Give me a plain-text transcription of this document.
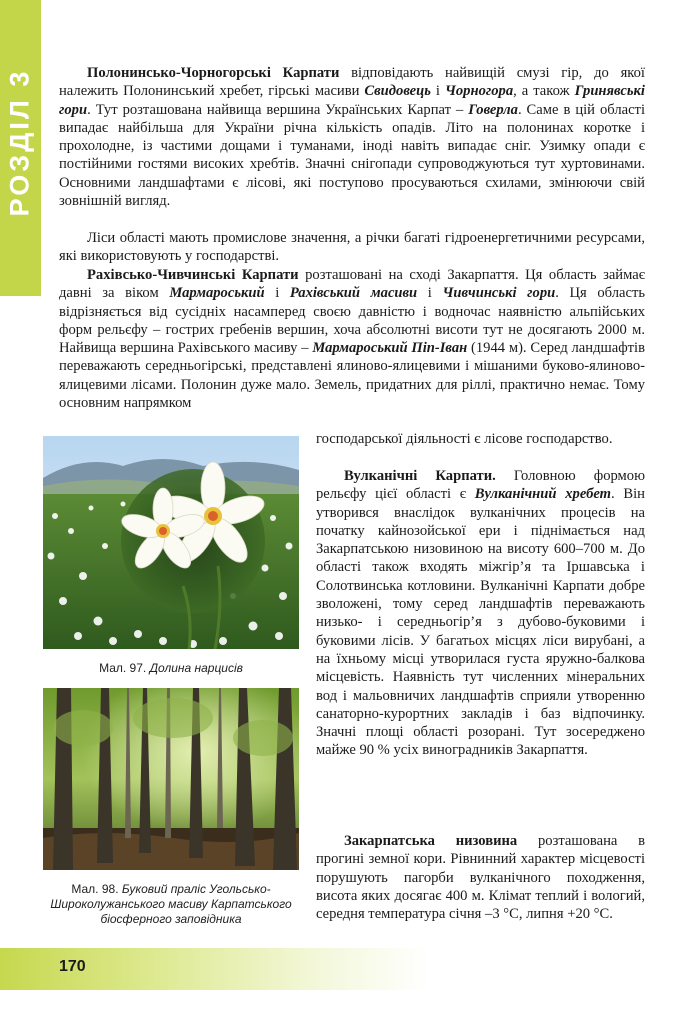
РОЗДІЛ 3	Полонинсько-Чорногорські Карпати відповідають найвищій смузі гір, до якої належить Полонинський хребет, гірські масиви Свидовець і Чорногора, а також Гринявські гори. Тут розташована найвища вершина Українських Карпат – Говерла. Саме в цій області випадає найбільша для України річна кількість опадів. Літо на полонинах коротке і прохолодне, із частими дощами і туманами, іноді навіть випадає сніг. Узимку опади є постійними гостями високих хребтів. Значні снігопади супроводжуються тут хуртовинами. Основними ландшафтами є лісові, які поступово просуваються схилами, змінюючи свій зовнішній вигляд.

Ліси області мають промислове значення, а річки багаті гідроенергетичними ресурсами, які використовують у господарстві.

Рахівсько-Чивчинські Карпати розташовані на сході Закарпаття. Ця область займає давні за віком Мармароський і Рахівський масиви і Чивчинські гори. Ця область відрізняється від сусідніх насамперед своєю давністю і водночас наявністю альпійських форм рельєфу – гострих гребенів вершин, хоча абсолютні висоти тут не досягають 2000 м. Найвища вершина Рахівського масиву – Мармароський Піп-Іван (1944 м). Серед ландшафтів переважають середньогірські, представлені ялиново-ялицевими і мішаними буково-ялиново-ялицевими лісами. Полонин дуже мало. Земель, придатних для ріллі, практично немає. Тому основним напрямком

господарської діяльності є лісове господарство.

Вулканічні Карпати. Головною формою рельєфу цієї області є Вулканічний хребет. Він утворився внаслідок вулканічних процесів на початку кайнозойської ери і піднімається над Закарпатською низовиною на висоту 600–700 м. До області також входять міжгір’я та Іршавська і Солотвинська котловини. Вулканічні Карпати добре зволожені, тому серед ландшафтів переважають низько- і середньогір’я з дубово-буковими і буковими лісів. У багатьох місцях ліси вирубані, а на їхньому місці утворилася густа яружно-балкова місцевість. Наявність тут численних мінеральних вод і мальовничих ландшафтів сприяли утворенню санаторно-курортних закладів і баз відпочинку. Значні площі області розорані. Тут зосереджено майже 90 % усіх виноградників Закарпаття.

Закарпатська низовина розташована в прогині земної кори. Рівнинний характер місцевості порушують пагорби вулканічного походження, висота яких досягає 400 м. Клімат теплий і вологий, середня температура січня –3 °С, липня +20 °С.

Мал. 97. Долина нарцисів
Мал. 98. Буковий праліс Угольсько-Широколужанського масиву Карпатського біосферного заповідника
170
